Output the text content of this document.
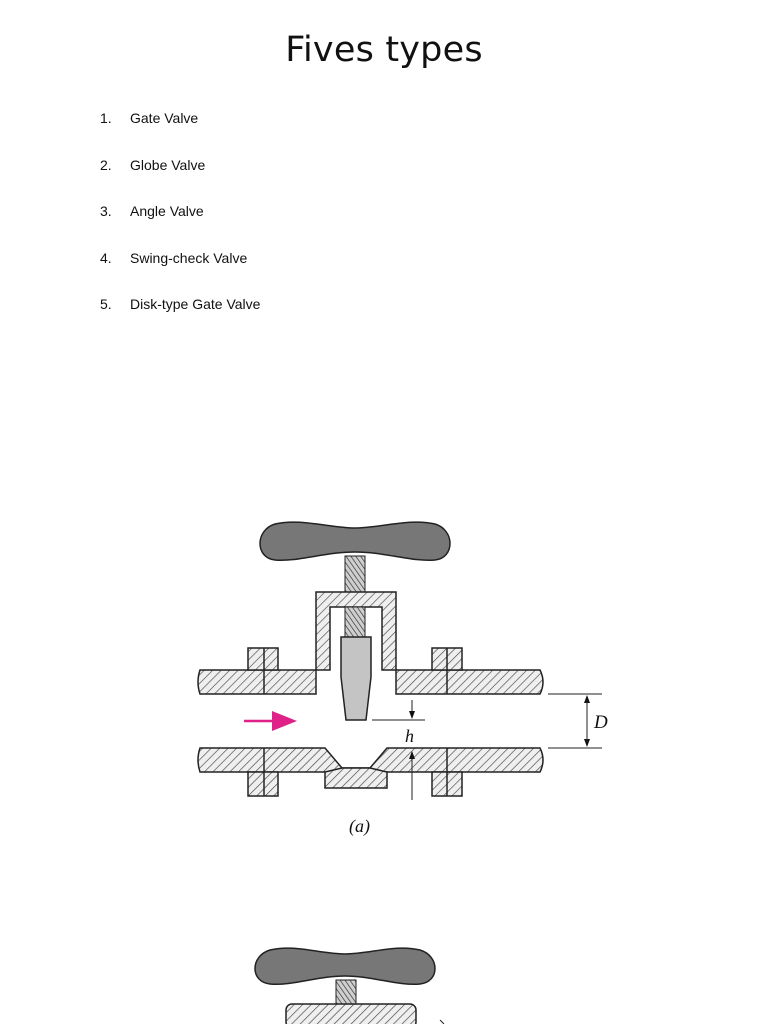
Fives types
1.	Gate Valve
2.	Globe Valve
3.	Angle Valve
4.	Swing-check Valve
5.	Disk-type Gate Valve
h
D
(a)
